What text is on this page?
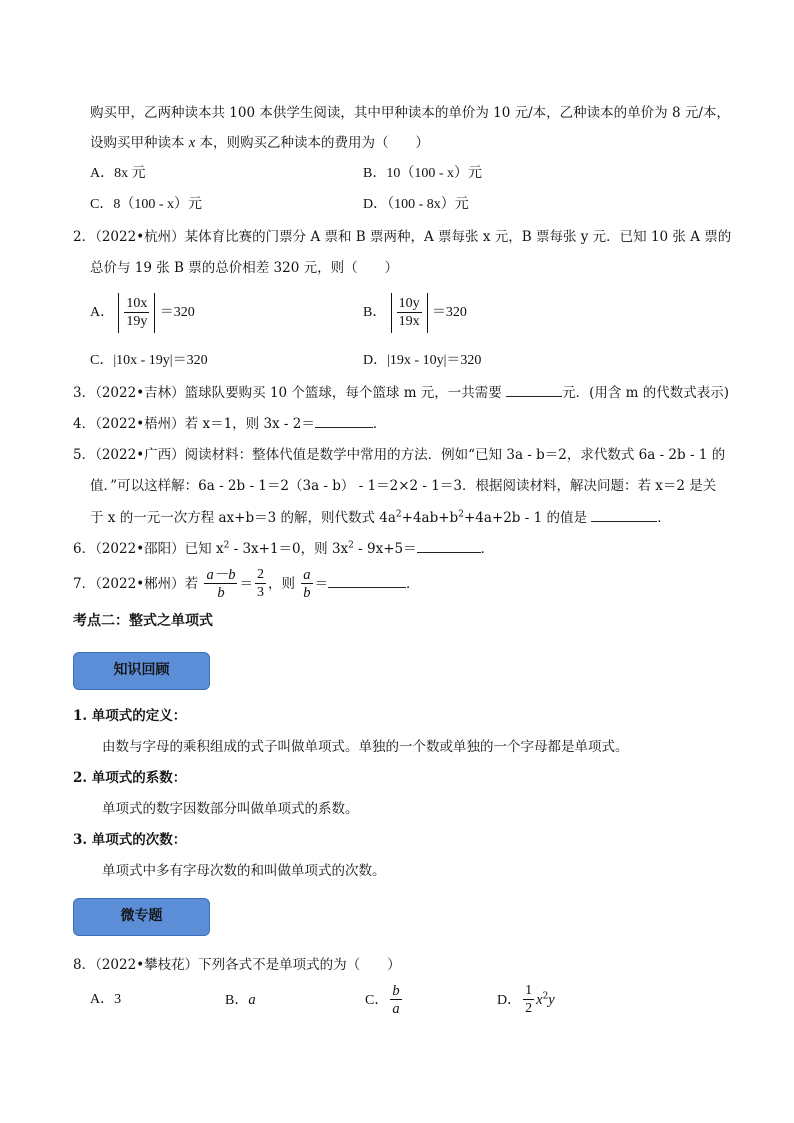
购买甲，乙两种读本共 100 本供学生阅读，其中甲种读本的单价为 10 元/本，乙种读本的单价为 8 元/本，
设购买甲种读本 x 本，则购买乙种读本的费用为（　　）
A．8x 元	B．10（100 - x）元
C．8（100 - x）元	D．（100 - 8x）元
2．（2022•杭州）某体育比赛的门票分 A 票和 B 票两种，A 票每张 x 元，B 票每张 y 元．已知 10 张 A 票的
总价与 19 张 B 票的总价相差 320 元，则（　　）
A． $\frac{10x}{19y} =320$	B． $\frac{10y}{19x} =320$
C．|10x - 19y|＝320	D．|19x - 10y|＝320
3．（2022•吉林）篮球队要购买 10 个篮球，每个篮球 m 元，一共需要	元．(用含 m 的代数式表示)
4．（2022•梧州）若 x＝1，则 3x - 2＝	．
5．（2022•广西）阅读材料：整体代值是数学中常用的方法．例如“已知 3a - b＝2，求代数式 6a - 2b - 1 的
值．”可以这样解：6a - 2b - 1＝2（3a - b） - 1＝2×2 - 1＝3．根据阅读材料，解决问题：若 x＝2 是关
于 x 的一元一次方程 ax+b＝3 的解，则代数式 $4a^2+4ab+b^2+4a+2b - 1$ 的值是	．
6．（2022•邵阳）已知 $x^2 - 3x+1=0$，则 $3x^2 - 9x+5=$	．
7．（2022•郴州）若 $\frac{a-b}{b} = \frac{2}{3}$ ，则 $\frac{a}{b}$ ＝	．
考点二：整式之单项式
知识回顾
1. 单项式的定义：
由数与字母的乘积组成的式子叫做单项式。单独的一个数或单独的一个字母都是单项式。
2. 单项式的系数：
单项式的数字因数部分叫做单项式的系数。
3. 单项式的次数：
单项式中多有字母次数的和叫做单项式的次数。
微专题
8．（2022•攀枝花）下列各式不是单项式的为（　　）
A．3	B．a	C． $\frac{b}{a}$	D． $\frac{1}{2} x^2y$
